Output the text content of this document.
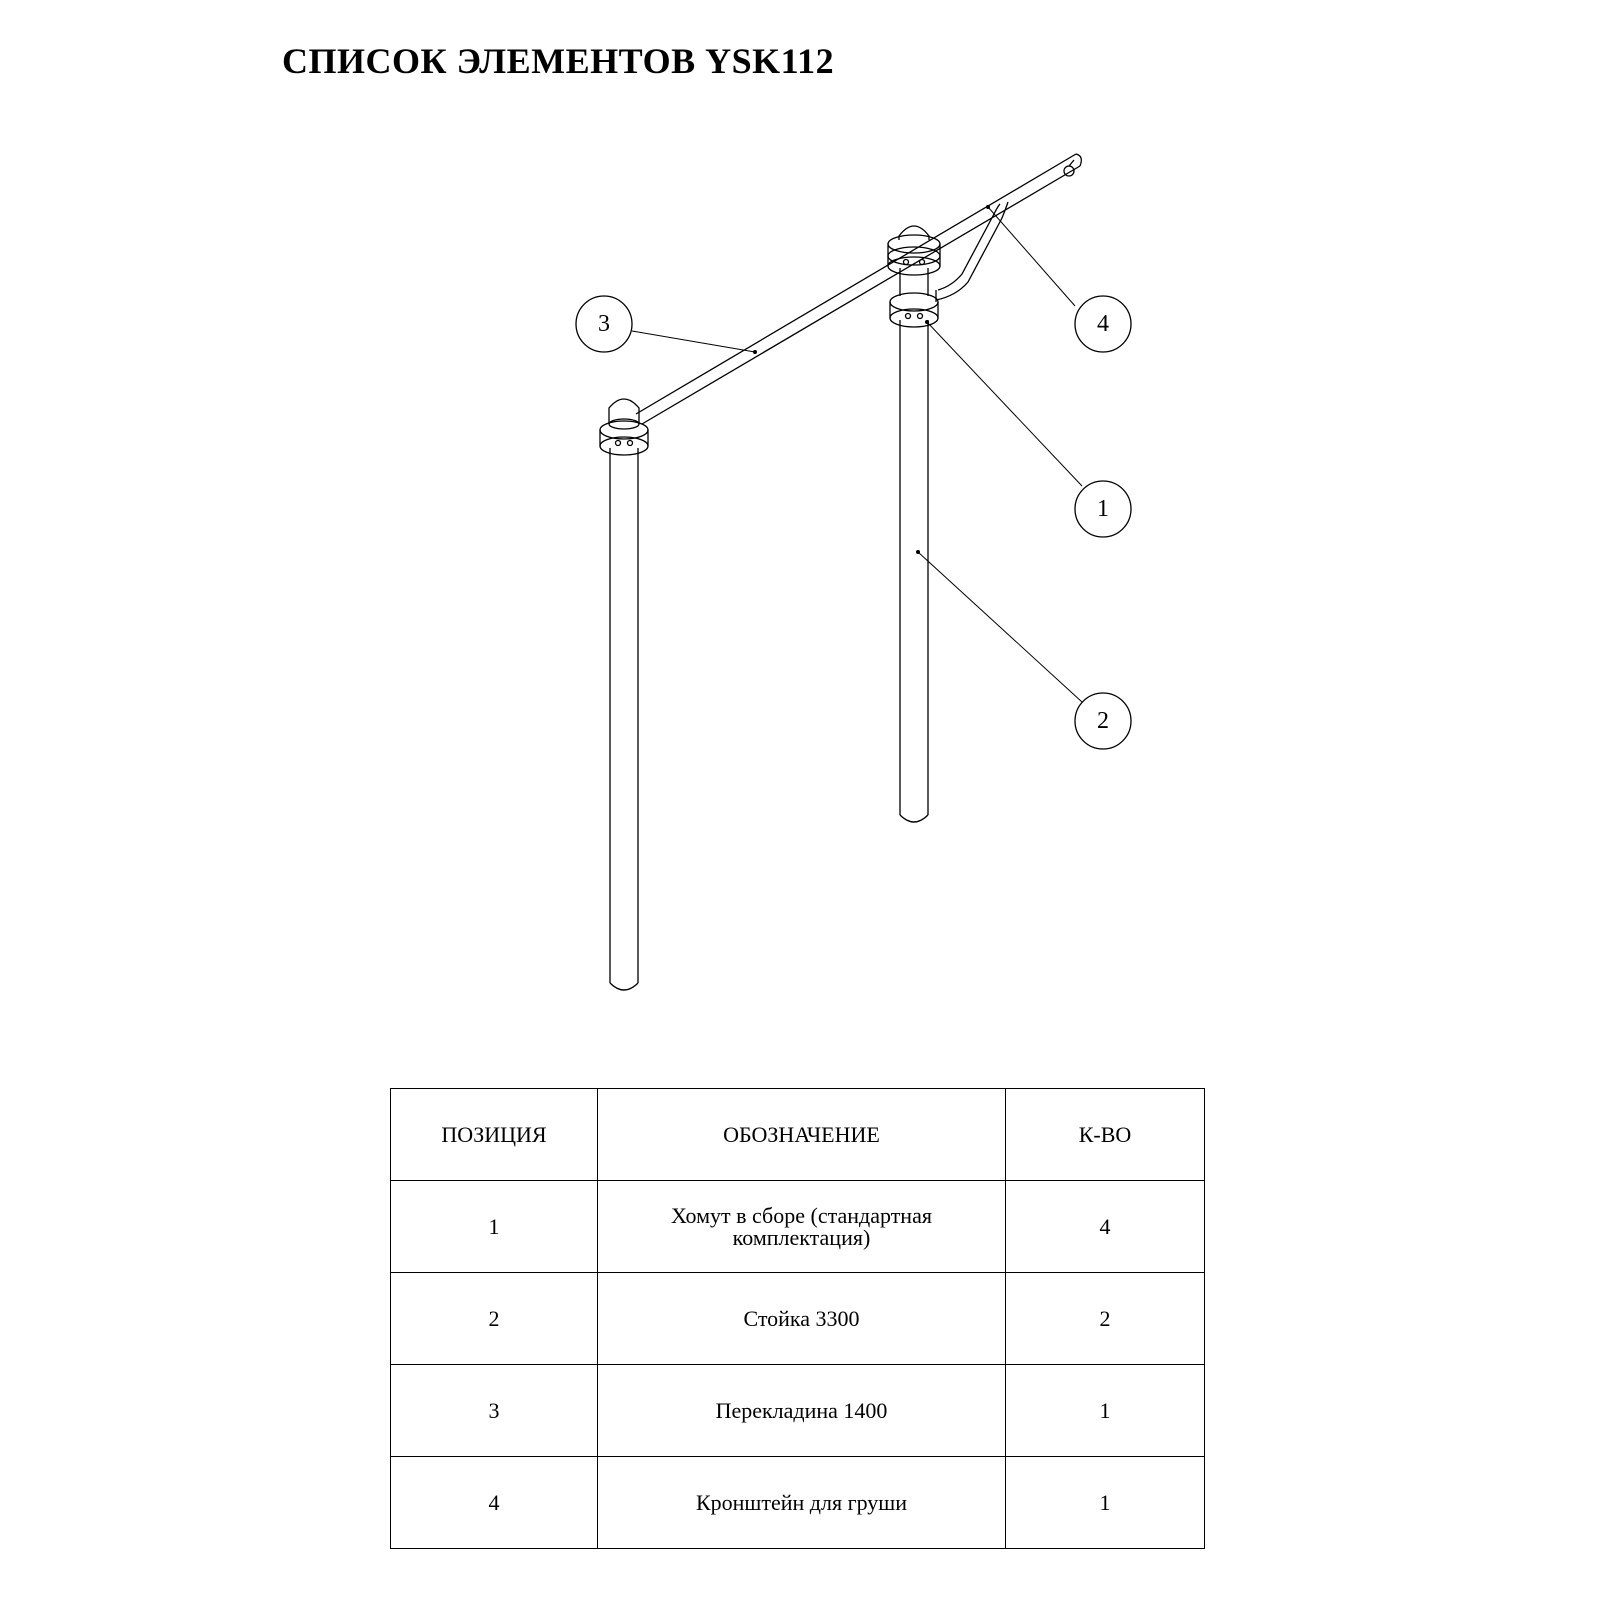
СПИСОК ЭЛЕМЕНТОВ YSK112
3	4
1
2
ПОЗИЦИЯ	ОБОЗНАЧЕНИЕ	К-ВО
1	Хомут в сборе (стандартная комплектация)	4
2	Стойка 3300	2
3	Перекладина 1400	1
4	Кронштейн для груши	1
